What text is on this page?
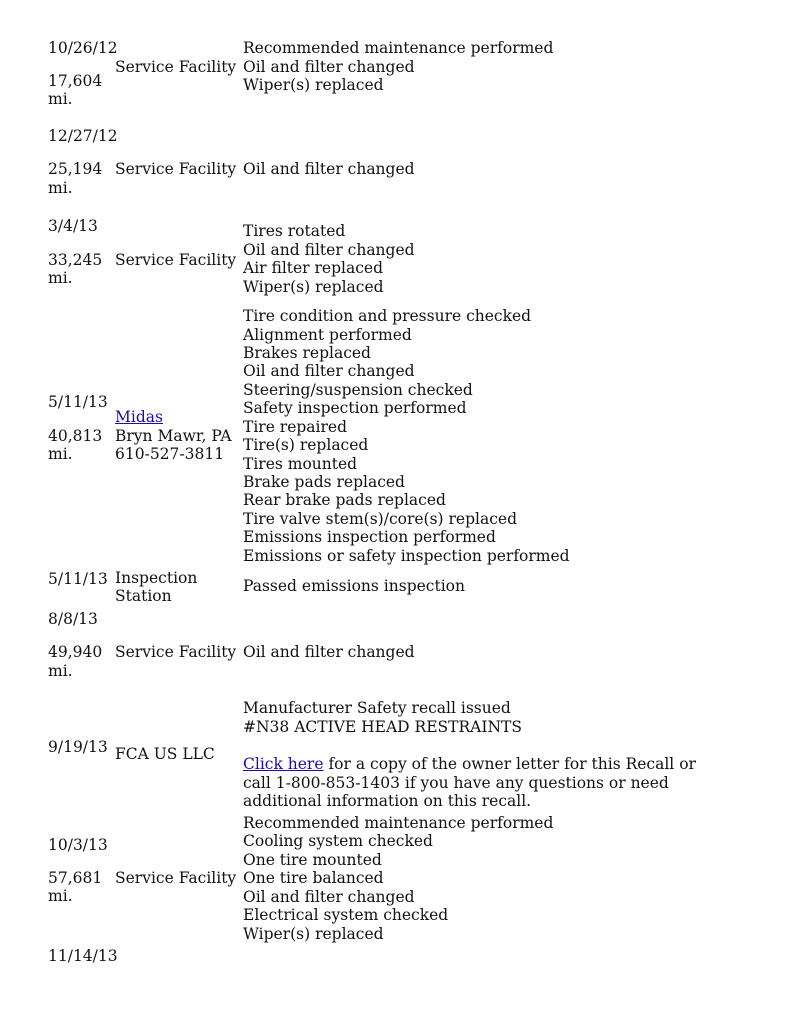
10/26/12
17,604
mi.
Service Facility
Recommended maintenance performed
Oil and filter changed
Wiper(s) replaced
12/27/12
25,194
mi.
Service Facility Oil and filter changed
3/4/13
33,245
mi.
Service Facility
Tires rotated
Oil and filter changed
Air filter replaced
Wiper(s) replaced
5/11/13
40,813
mi.
Midas
Bryn Mawr, PA
610-527-3811
Tire condition and pressure checked
Alignment performed
Brakes replaced
Oil and filter changed
Steering/suspension checked
Safety inspection performed
Tire repaired
Tire(s) replaced
Tires mounted
Brake pads replaced
Rear brake pads replaced
Tire valve stem(s)/core(s) replaced
Emissions inspection performed
Emissions or safety inspection performed
5/11/13 Inspection
Station
Passed emissions inspection
8/8/13
49,940
mi.
Service Facility Oil and filter changed
9/19/13 FCA US LLC
Manufacturer Safety recall issued
#N38 ACTIVE HEAD RESTRAINTS
Click here for a copy of the owner letter for this Recall or call 1-800-853-1403 if you have any questions or need additional information on this recall.
10/3/13
57,681
mi.
Service Facility
Recommended maintenance performed
Cooling system checked
One tire mounted
One tire balanced
Oil and filter changed
Electrical system checked
Wiper(s) replaced
11/14/13
